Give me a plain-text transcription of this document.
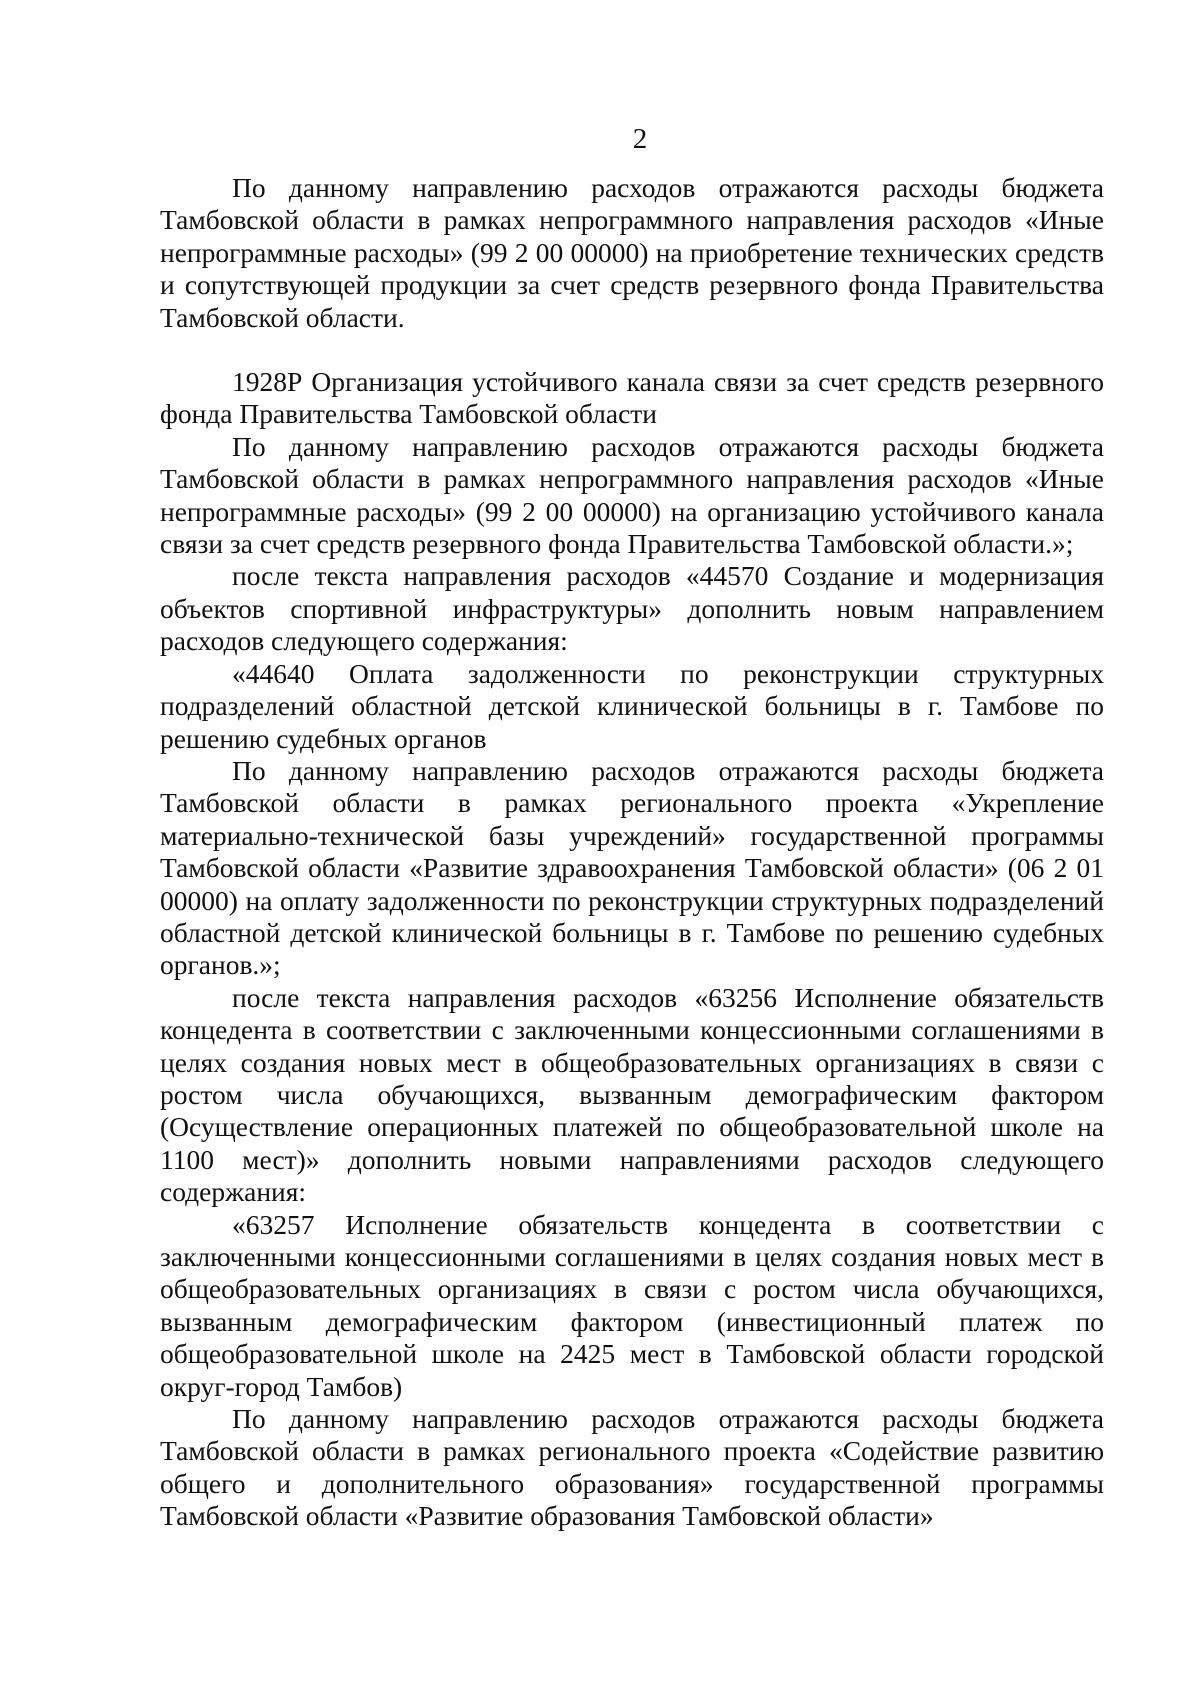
2

По данному направлению расходов отражаются расходы бюджета Тамбовской области в рамках непрограммного направления расходов «Иные непрограммные расходы» (99 2 00 00000) на приобретение технических средств и сопутствующей продукции за счет средств резервного фонда Правительства Тамбовской области.

1928Р Организация устойчивого канала связи за счет средств резервного фонда Правительства Тамбовской области

По данному направлению расходов отражаются расходы бюджета Тамбовской области в рамках непрограммного направления расходов «Иные непрограммные расходы» (99 2 00 00000) на организацию устойчивого канала связи за счет средств резервного фонда Правительства Тамбовской области.»;

после текста направления расходов «44570 Создание и модернизация объектов спортивной инфраструктуры» дополнить новым направлением расходов следующего содержания:

«44640 Оплата задолженности по реконструкции структурных подразделений областной детской клинической больницы в г. Тамбове по решению судебных органов

По данному направлению расходов отражаются расходы бюджета Тамбовской области в рамках регионального проекта «Укрепление материально-технической базы учреждений» государственной программы Тамбовской области «Развитие здравоохранения Тамбовской области» (06 2 01 00000) на оплату задолженности по реконструкции структурных подразделений областной детской клинической больницы в г. Тамбове по решению судебных органов.»;

после текста направления расходов «63256 Исполнение обязательств концедента в соответствии с заключенными концессионными соглашениями в целях создания новых мест в общеобразовательных организациях в связи с ростом числа обучающихся, вызванным демографическим фактором (Осуществление операционных платежей по общеобразовательной школе на 1100 мест)» дополнить новыми направлениями расходов следующего содержания:

«63257 Исполнение обязательств концедента в соответствии с заключенными концессионными соглашениями в целях создания новых мест в общеобразовательных организациях в связи с ростом числа обучающихся, вызванным демографическим фактором (инвестиционный платеж по общеобразовательной школе на 2425 мест в Тамбовской области городской округ-город Тамбов)

По данному направлению расходов отражаются расходы бюджета Тамбовской области в рамках регионального проекта «Содействие развитию общего и дополнительного образования» государственной программы Тамбовской области «Развитие образования Тамбовской области»
